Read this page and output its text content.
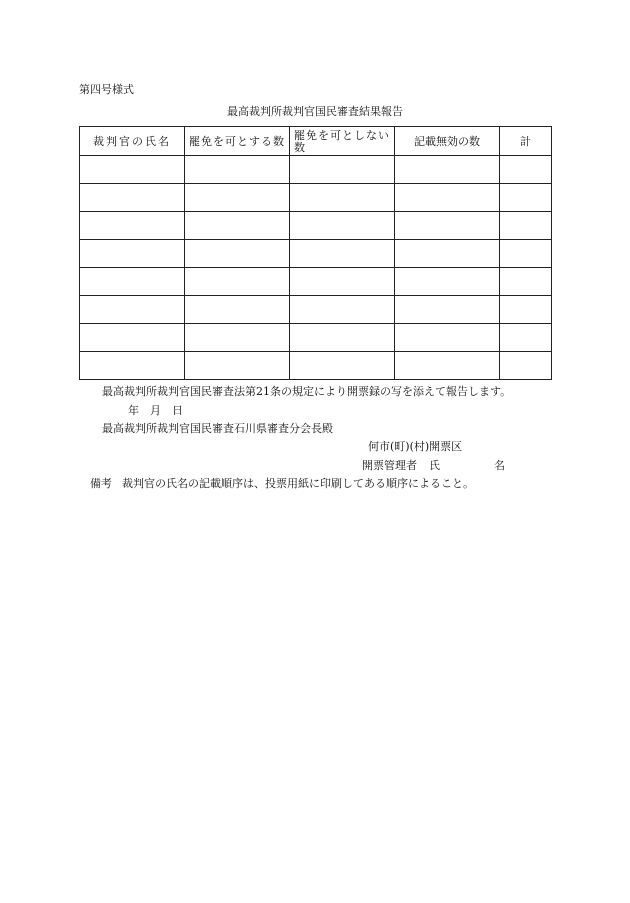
第四号様式
最高裁判所裁判官国民審査結果報告
裁判官の氏名	罷免を可とする数	罷免を可としない数	記載無効の数	計

最高裁判所裁判官国民審査法第21条の規定により開票録の写を添えて報告します。
年　月　日
最高裁判所裁判官国民審査石川県審査分会長殿
何市(町)(村)開票区
開票管理者 氏	名
備考 裁判官の氏名の記載順序は、投票用紙に印刷してある順序によること。
